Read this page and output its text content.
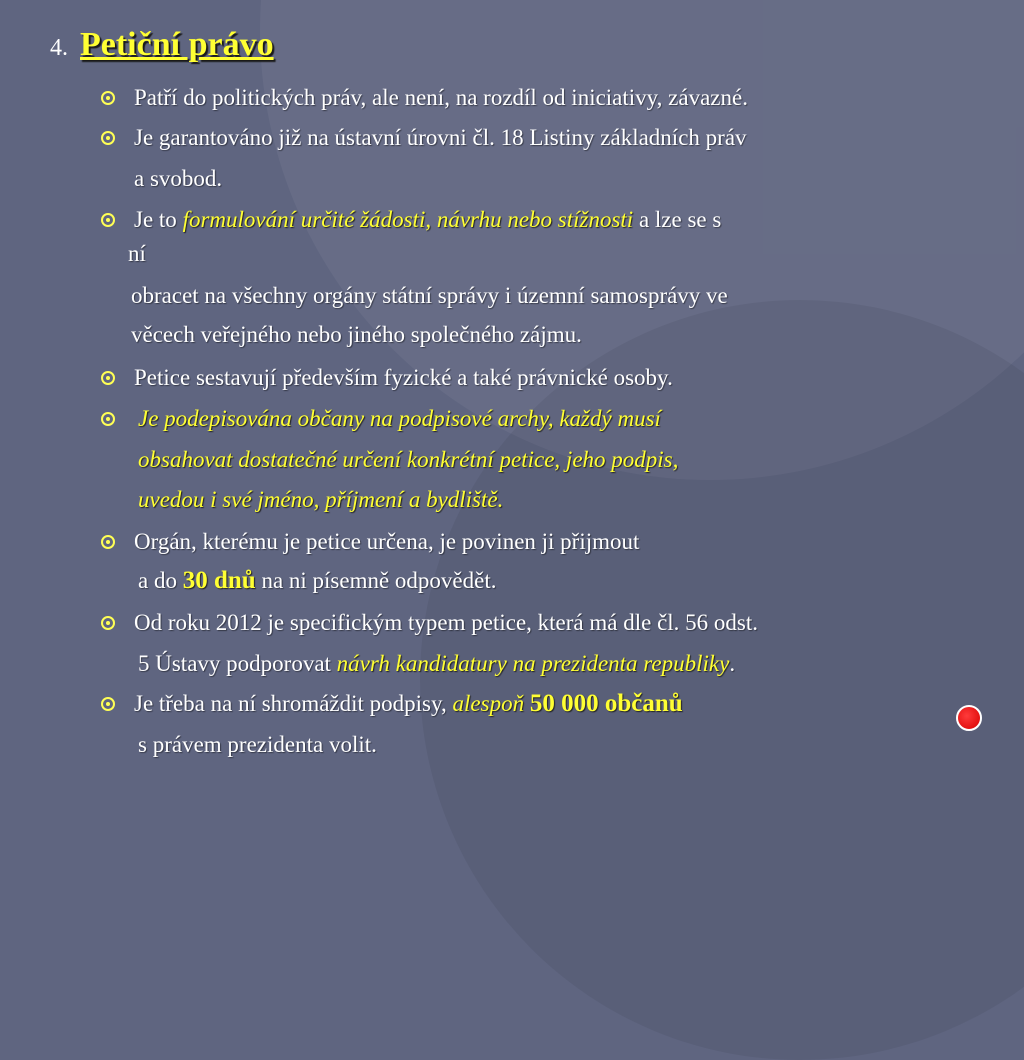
4. Petiční právo
Patří do politických práv, ale není, na rozdíl od iniciativy, závazné.
Je garantováno již na ústavní úrovni čl. 18 Listiny základních práv
a svobod.
Je to formulování určité žádosti, návrhu nebo stížnosti a lze se s
ní
obracet na všechny orgány státní správy i územní samosprávy ve
věcech veřejného nebo jiného společného zájmu.
Petice sestavují především fyzické a také právnické osoby.
Je podepisována občany na podpisové archy, každý musí
obsahovat dostatečné určení konkrétní petice, jeho podpis,
uvedou i své jméno, příjmení a bydliště.
Orgán, kterému je petice určena, je povinen ji přijmout
a do 30 dnů na ni písemně odpovědět.
Od roku 2012 je specifickým typem petice, která má dle čl. 56 odst.
5 Ústavy podporovat návrh kandidatury na prezidenta republiky.
Je třeba na ní shromáždit podpisy, alespoň 50 000 občanů
s právem prezidenta volit.
